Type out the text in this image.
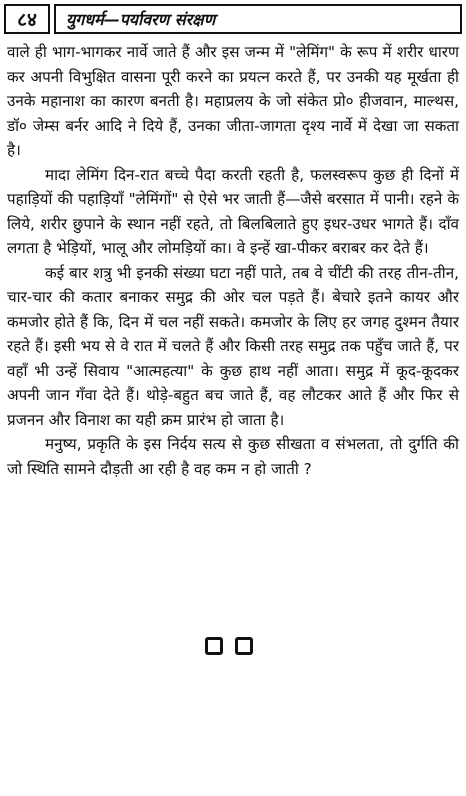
८४	युगधर्म—पर्यावरण संरक्षण

वाले ही भाग-भागकर नार्वे जाते हैं और इस जन्म में "लेमिंग" के रूप में शरीर धारण कर अपनी विभुक्षित वासना पूरी करने का प्रयत्न करते हैं, पर उनकी यह मूर्खता ही उनके महानाश का कारण बनती है। महाप्रलय के जो संकेत प्रो० हीजवान, माल्थस, डॉ० जेम्स बर्नर आदि ने दिये हैं, उनका जीता-जागता दृश्य नार्वे में देखा जा सकता है।

मादा लेमिंग दिन-रात बच्चे पैदा करती रहती है, फलस्वरूप कुछ ही दिनों में पहाड़ियों की पहाड़ियाँ "लेमिंगों" से ऐसे भर जाती हैं—जैसे बरसात में पानी। रहने के लिये, शरीर छुपाने के स्थान नहीं रहते, तो बिलबिलाते हुए इधर-उधर भागते हैं। दाँव लगता है भेड़ियों, भालू और लोमड़ियों का। वे इन्हें खा-पीकर बराबर कर देते हैं।

कई बार शत्रु भी इनकी संख्या घटा नहीं पाते, तब वे चींटी की तरह तीन-तीन, चार-चार की कतार बनाकर समुद्र की ओर चल पड़ते हैं। बेचारे इतने कायर और कमजोर होते हैं कि, दिन में चल नहीं सकते। कमजोर के लिए हर जगह दुश्मन तैयार रहते हैं। इसी भय से वे रात में चलते हैं और किसी तरह समुद्र तक पहुँच जाते हैं, पर वहाँ भी उन्हें सिवाय "आत्महत्या" के कुछ हाथ नहीं आता। समुद्र में कूद-कूदकर अपनी जान गँवा देते हैं। थोड़े-बहुत बच जाते हैं, वह लौटकर आते हैं और फिर से प्रजनन और विनाश का यही क्रम प्रारंभ हो जाता है।

मनुष्य, प्रकृति के इस निर्दय सत्य से कुछ सीखता व संभलता, तो दुर्गति की जो स्थिति सामने दौड़ती आ रही है वह कम न हो जाती ?
